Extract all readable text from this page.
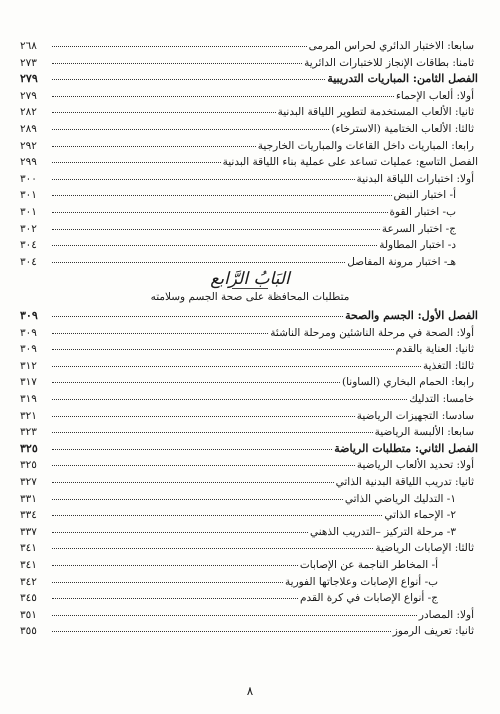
٢٦٨	سابعا: الاختبار الدائري لحراس المرمى
٢٧٣	ثامنا: بطاقات الإنجاز للاختبارات الدائرية
٢٧٩	الفصل الثامن: المباريات التدريبية
٢٧٩	أولا: ألعاب الإحماء
٢٨٢	ثانيا: الألعاب المستخدمة لتطوير اللياقة البدنية
٢٨٩	ثالثا: الألعاب الختامية (الاسترخاء)
٢٩٢	رابعا: المباريات داخل القاعات والمباريات الخارجية
٢٩٩	الفصل التاسع: عمليات تساعد على عملية بناء اللياقة البدنية
٣٠٠	أولا: اختبارات اللياقة البدنية
٣٠١	أ- اختبار النبض
٣٠١	ب- اختبار القوة
٣٠٢	ج- اختبار السرعة
٣٠٤	د- اختبار المطاولة
٣٠٤	هـ- اختبار مرونة المفاصل
البَابُ الرَّابع
متطلبات المحافظة على صحة الجسم وسلامته
٣٠٩	الفصل الأول: الجسم والصحة
٣٠٩	أولا: الصحة في مرحلة الناشئين ومرحلة الناشئة
٣٠٩	ثانيا: العناية بالقدم
٣١٢	ثالثا: التغذية
٣١٧	رابعا: الحمام البخاري (الساونا)
٣١٩	خامسا: التدليك
٣٢١	سادسا: التجهيزات الرياضية
٣٢٣	سابعا: الألبسة الرياضية
٣٢٥	الفصل الثاني: متطلبات الرياضة
٣٢٥	أولا: تحديد الألعاب الرياضية
٣٢٧	ثانيا: تدريب اللياقة البدنية الذاتي
٣٣١	١- التدليك الرياضي الذاتي
٣٣٤	٢- الإحماء الذاتي
٣٣٧	٣- مرحلة التركيز –التدريب الذهني
٣٤١	ثالثا: الإصابات الرياضية
٣٤١	أ- المخاطر الناجمة عن الإصابات
٣٤٢	ب- أنواع الإصابات وعلاجاتها الفورية
٣٤٥	ج- أنواع الإصابات في كرة القدم
٣٥١	أولا: المصادر
٣٥٥	ثانيا: تعريف الرموز
٨
